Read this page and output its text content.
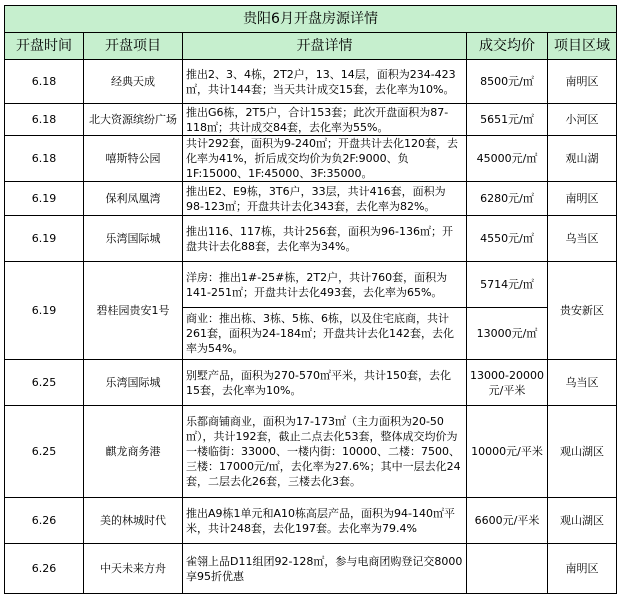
贵阳6月开盘房源详情				
开盘时间	开盘项目	开盘详情	成交均价	项目区域
6.18	经典天成	推出2、3、4栋，2T2户，13、14层，面积为234-423㎡，共计144套；当天共计成交15套，去化率为10%。	8500元/㎡	南明区
6.18	北大资源缤纷广场	推出G6栋，2T5户，合计153套；此次开盘面积为87-118㎡；共计成交84套，去化率为55%。	5651元/㎡	小河区
6.18	嘻斯特公园	共计292套，面积为9-240㎡；开盘共计去化120套，去化率为41%，折后成交均价为负2F:9000、负1F:15000、1F:45000、3F:35000。	45000元/㎡	观山湖
6.19	保利凤凰湾	推出E2、E9栋，3T6户，33层，共计416套，面积为98-123㎡；开盘共计去化343套，去化率为82%。	6280元/㎡	南明区
6.19	乐湾国际城	推出116、117栋，共计256套，面积为96-136㎡；开盘共计去化88套，去化率为34%。	4550元/㎡	乌当区
6.19	碧桂园贵安1号	洋房：推出1#-25#栋，2T2户，共计760套，面积为141-251㎡；开盘共计去化493套，去化率为65%。	5714元/㎡	贵安新区
		商业：推出栋、3栋、5栋、6栋，以及住宅底商，共计261套，面积为24-184㎡；开盘共计去化142套，去化率为54%。	13000元/㎡	
6.25	乐湾国际城	别墅产品，面积为270-570㎡平米，共计150套，去化15套，去化率为10%。	13000-20000元/平米	乌当区
6.25	麒龙商务港	乐都商铺商业，面积为17-173㎡（主力面积为20-50㎡），共计192套，截止二点去化53套，整体成交均价为一楼临街：33000、一楼内街：10000、二楼：7500、三楼：17000元/㎡，去化率为27.6%；其中一层去化24套，二层去化26套，三楼去化3套。	10000元/平米	观山湖区
6.26	美的林城时代	推出A9栋1单元和A10栋高层产品，面积为94-140㎡平米，共计248套，去化197套。去化率为79.4%	6600元/平米	观山湖区
6.26	中天未来方舟	雀翎上品D11组团92-128㎡，参与电商团购登记交8000享95折优惠		南明区
